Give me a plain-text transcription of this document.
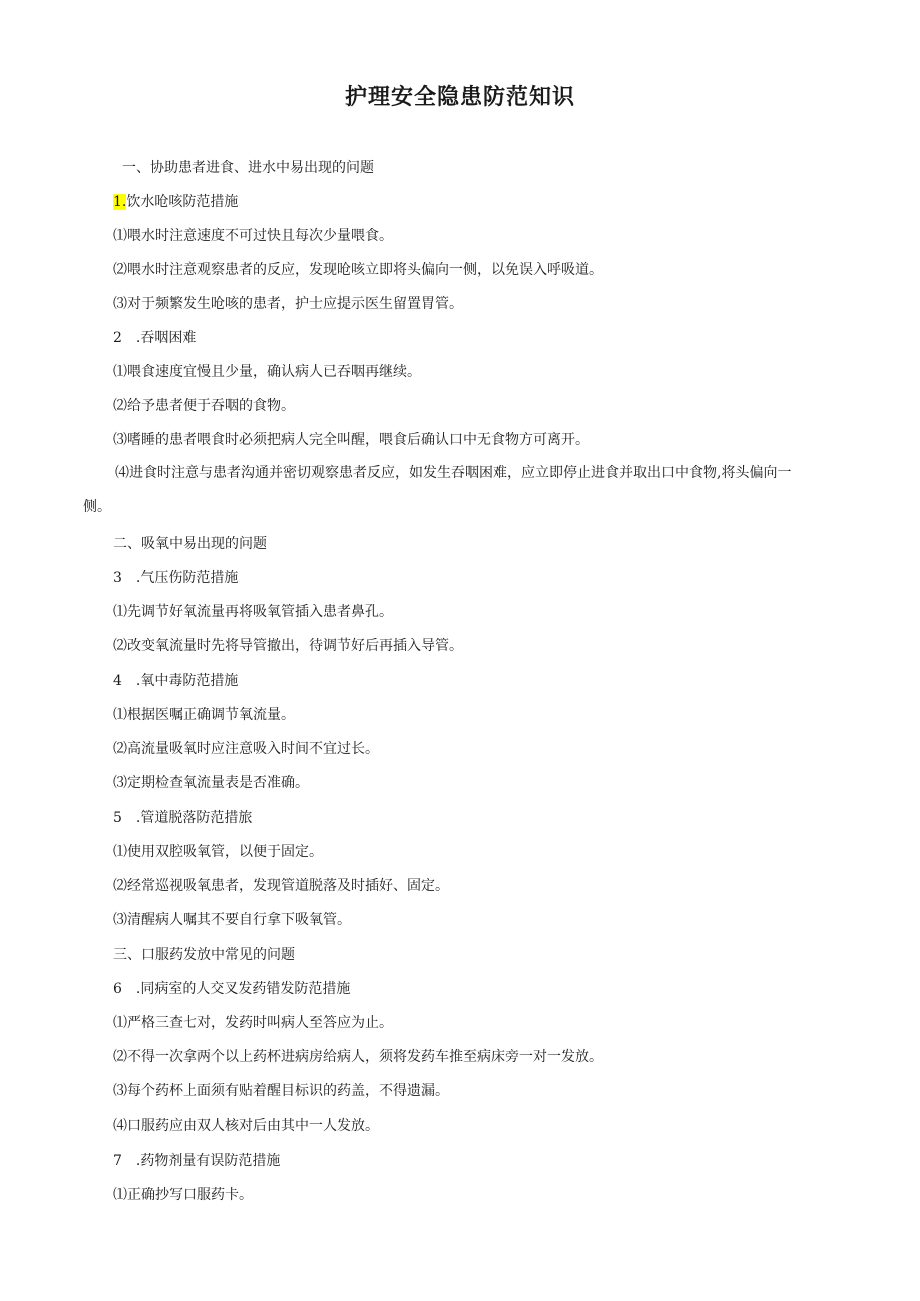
护理安全隐患防范知识

一、协助患者进食、进水中易出现的问题

1.饮水呛咳防范措施

⑴喂水时注意速度不可过快且每次少量喂食。

⑵喂水时注意观察患者的反应，发现呛咳立即将头偏向一侧，以免误入呼吸道。

⑶对于频繁发生呛咳的患者，护士应提示医生留置胃管。

2 .吞咽困难

⑴喂食速度宜慢且少量，确认病人已吞咽再继续。

⑵给予患者便于吞咽的食物。

⑶嗜睡的患者喂食时必须把病人完全叫醒，喂食后确认口中无食物方可离开。

⑷进食时注意与患者沟通并密切观察患者反应，如发生吞咽困难，应立即停止进食并取出口中食物,将头偏向一侧。

二、吸氧中易出现的问题

3 .气压伤防范措施

⑴先调节好氧流量再将吸氧管插入患者鼻孔。

⑵改变氧流量时先将导管撤出，待调节好后再插入导管。

4 .氧中毒防范措施

⑴根据医嘱正确调节氧流量。

⑵高流量吸氧时应注意吸入时间不宜过长。

⑶定期检查氧流量表是否准确。

5 .管道脱落防范措旅

⑴使用双腔吸氧管，以便于固定。

⑵经常巡视吸氧患者，发现管道脱落及时插好、固定。

⑶清醒病人嘱其不要自行拿下吸氧管。

三、口服药发放中常见的问题

6 .同病室的人交叉发药错发防范措施

⑴严格三查七对，发药时叫病人至答应为止。

⑵不得一次拿两个以上药杯进病房给病人，须将发药车推至病床旁一对一发放。

⑶每个药杯上面须有贴着醒目标识的药盖，不得遗漏。

⑷口服药应由双人核对后由其中一人发放。

7 .药物剂量有误防范措施

⑴正确抄写口服药卡。
